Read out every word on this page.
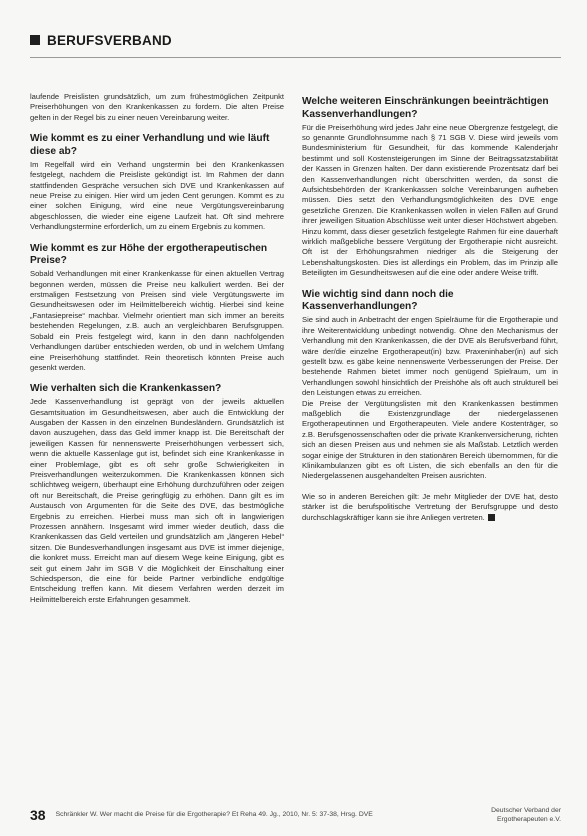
BERUFSVERBAND

laufende Preislisten grundsätzlich, um zum frühestmöglichen Zeitpunkt Preiserhöhungen von den Krankenkassen zu fordern. Die alten Preise gelten in der Regel bis zu einer neuen Vereinbarung weiter.

Wie kommt es zu einer Verhandlung und wie läuft diese ab?

Im Regelfall wird ein Verhand ungstermin bei den Krankenkassen festgelegt, nachdem die Preisliste gekündigt ist. Im Rahmen der dann stattfindenden Gespräche versuchen sich DVE und Krankenkassen auf neue Preise zu einigen. Hier wird um jeden Cent gerungen. Kommt es zu einer solchen Einigung, wird eine neue Vergütungsvereinbarung abgeschlossen, die wieder eine eigene Laufzeit hat. Oft sind mehrere Verhandlungstermine erforderlich, um zu einem Ergebnis zu kommen.

Wie kommt es zur Höhe der ergotherapeutischen Preise?

Sobald Verhandlungen mit einer Krankenkasse für einen aktuellen Vertrag begonnen werden, müssen die Preise neu kalkuliert werden. Bei der erstmaligen Festsetzung von Preisen sind viele Vergütungswerte im Gesundheitswesen oder im Heilmittelbereich wichtig. Hierbei sind keine „Fantasiepreise“ machbar. Vielmehr orientiert man sich immer an bereits bestehenden Regelungen, z.B. auch an vergleichbaren Berufsgruppen. Sobald ein Preis festgelegt wird, kann in den dann nachfolgenden Verhandlungen darüber entschieden werden, ob und in welchem Umfang eine Preiserhöhung stattfindet. Rein theoretisch könnten Preise auch gesenkt werden.

Wie verhalten sich die Krankenkassen?

Jede Kassenverhandlung ist geprägt von der jeweils aktuellen Gesamtsituation im Gesundheitswesen, aber auch die Entwicklung der Ausgaben der Kassen in den einzelnen Bundesländern. Grundsätzlich ist davon auszugehen, dass das Geld immer knapp ist. Die Bereitschaft der jeweiligen Kassen für nennenswerte Preiserhöhungen verbessert sich, wenn die aktuelle Kassenlage gut ist, befindet sich eine Krankenkasse in einer Problemlage, gibt es oft sehr große Schwierigkeiten in Preisverhandlungen weiterzukommen. Die Krankenkassen können sich schlichtweg weigern, überhaupt eine Erhöhung durchzuführen oder zeigen oft nur Bereitschaft, die Preise geringfügig zu erhöhen. Dann gilt es im Austausch von Argumenten für die Seite des DVE, das bestmögliche Ergebnis zu erreichen. Hierbei muss man sich oft in langwierigen Prozessen annähern. Insgesamt wird immer wieder deutlich, dass die Krankenkassen das Geld verteilen und grundsätzlich am „längeren Hebel“ sitzen. Die Bundesverhandlungen insgesamt aus DVE ist immer diejenige, die konkret muss. Erreicht man auf diesem Wege keine Einigung, gibt es seit gut einem Jahr im SGB V die Möglichkeit der Einschaltung einer Schiedsperson, die eine für beide Partner verbindliche endgültige Entscheidung treffen kann. Mit diesem Verfahren werden derzeit im Heilmittelbereich erste Erfahrungen gesammelt.

Welche weiteren Einschränkungen beeinträchtigen Kassenverhandlungen?

Für die Preiserhöhung wird jedes Jahr eine neue Obergrenze festgelegt, die so genannte Grundlohnsumme nach § 71 SGB V. Diese wird jeweils vom Bundesministerium für Gesundheit, für das kommende Kalenderjahr bestimmt und soll Kostensteigerungen im Sinne der Beitragssatzstabilität der Kassen in Grenzen halten. Der dann existierende Prozentsatz darf bei den Kassenverhandlungen nicht überschritten werden, da sonst die Aufsichtsbehörden der Krankenkassen solche Vereinbarungen aufheben müssen. Dies setzt den Verhandlungsmöglichkeiten des DVE enge gesetzliche Grenzen. Die Krankenkassen wollen in vielen Fällen auf Grund ihrer jeweiligen Situation Abschlüsse weit unter dieser Höchstwert abgeben. Hinzu kommt, dass dieser gesetzlich festgelegte Rahmen für eine dauerhaft wirklich maßgebliche bessere Vergütung der Ergotherapie nicht ausreicht. Oft ist der Erhöhungsrahmen niedriger als die Steigerung der Lebenshaltungskosten. Dies ist allerdings ein Problem, das im Prinzip alle Beteiligten im Gesundheitswesen auf die eine oder andere Weise trifft.

Wie wichtig sind dann noch die Kassenverhandlungen?

Sie sind auch in Anbetracht der engen Spielräume für die Ergotherapie und ihre Weiterentwicklung unbedingt notwendig. Ohne den Mechanismus der Verhandlung mit den Krankenkassen, die der DVE als Berufsverband führt, wäre der/die einzelne Ergotherapeut(in) bzw. Praxeninhaber(in) auf sich gestellt bzw. es gäbe keine nennenswerte Verbesserungen der Preise. Der bestehende Rahmen bietet immer noch genügend Spielraum, um in Verhandlungen sowohl hinsichtlich der Preishöhe als oft auch strukturell bei den Leistungen etwas zu erreichen.

Die Preise der Vergütungslisten mit den Krankenkassen bestimmen maßgeblich die Existenzgrundlage der niedergelassenen Ergotherapeutinnen und Ergotherapeuten. Viele andere Kostenträger, so z.B. Berufsgenossenschaften oder die private Krankenversicherung, richten sich an diesen Preisen aus und nehmen sie als Maßstab. Letztlich werden sogar einige der Strukturen in den stationären Bereich übernommen, für die Klinikambulanzen gibt es oft Listen, die sich ebenfalls an den für die Niedergelassenen ausgehandelten Preisen ausrichten.

Wie so in anderen Bereichen gilt: Je mehr Mitglieder der DVE hat, desto stärker ist die berufspolitische Vertretung der Berufsgruppe und desto durchschlagskräftiger kann sie ihre Anliegen vertreten.

38 Schränkler W. Wer macht die Preise für die Ergotherapie? Et Reha 49. Jg., 2010, Nr. 5: 37-38, Hrsg. DVE
Deutscher Verband der
Ergotherapeuten e.V.
